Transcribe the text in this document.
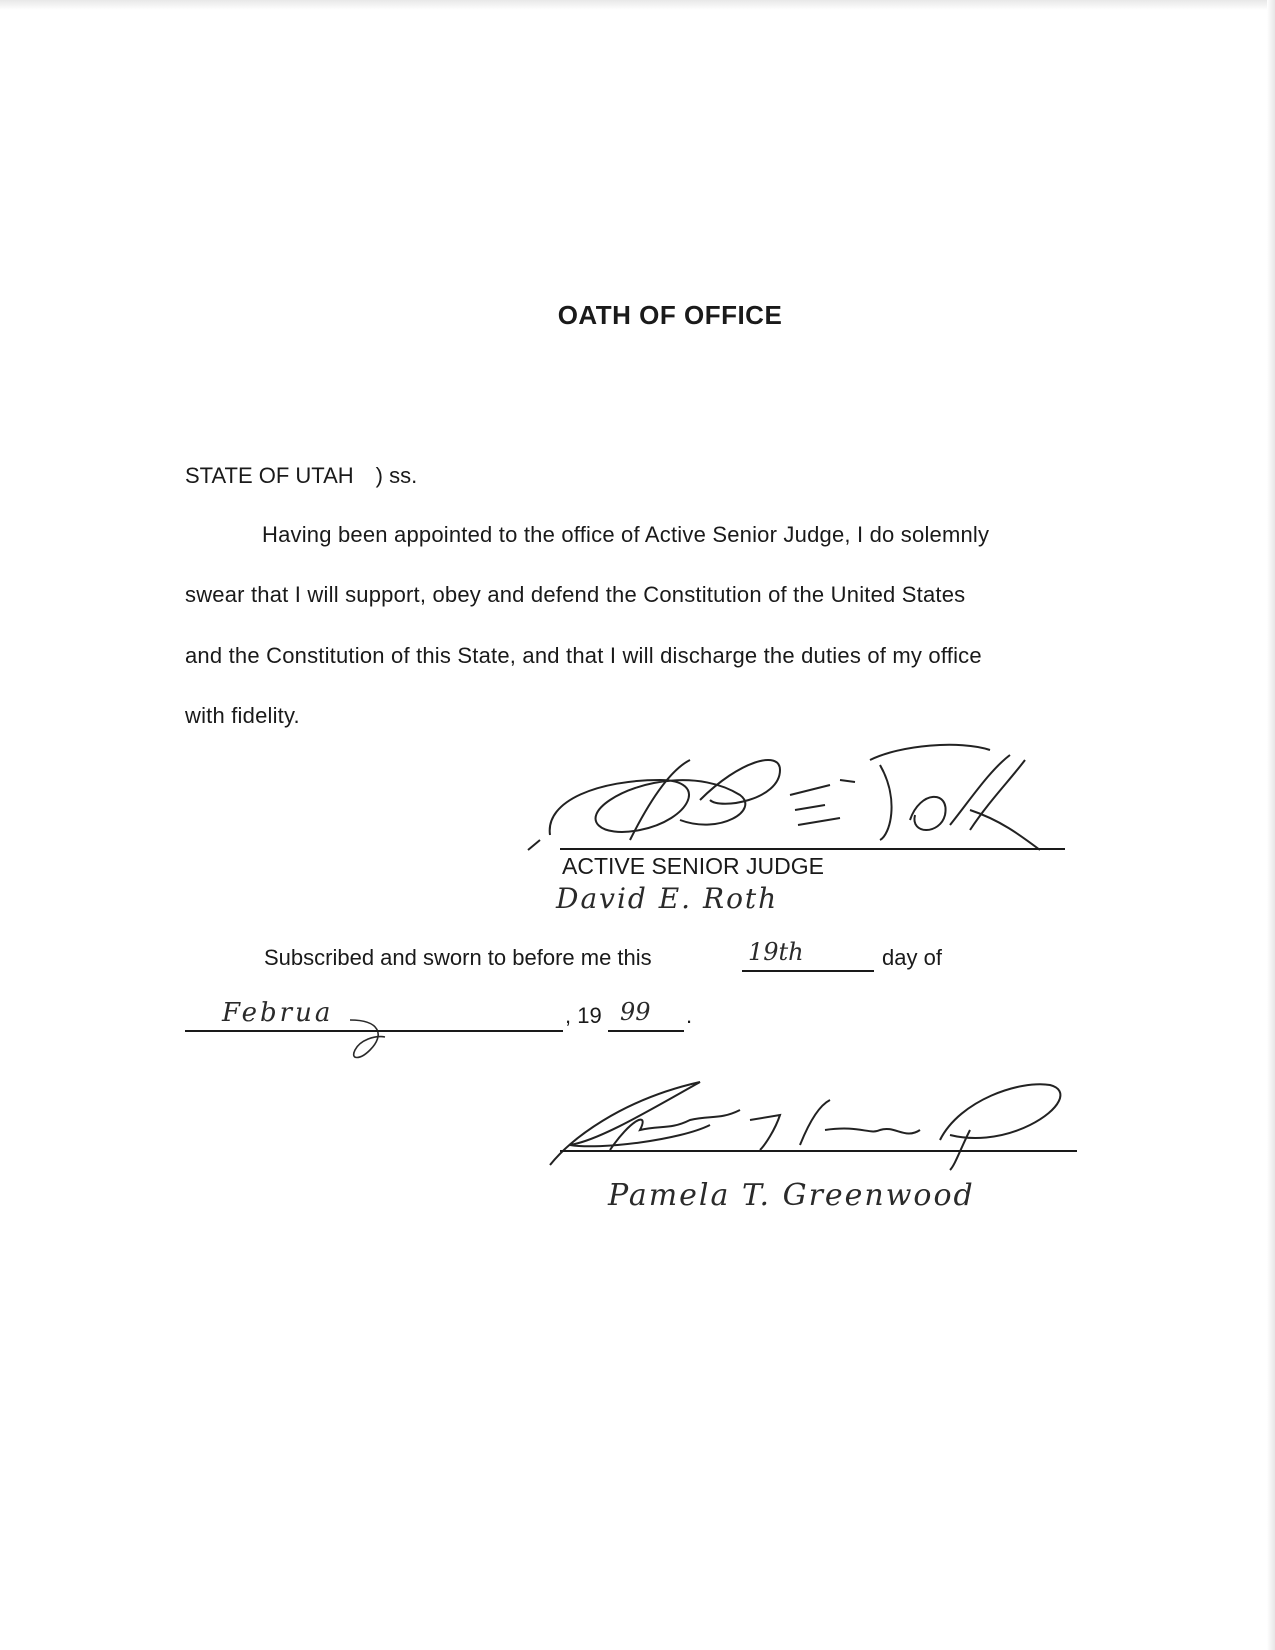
OATH OF OFFICE
STATE OF UTAH ) ss.
Having been appointed to the office of Active Senior Judge, I do solemnly
swear that I will support, obey and defend the Constitution of the United States
and the Constitution of this State, and that I will discharge the duties of my office
with fidelity.
ACTIVE SENIOR JUDGE
David E. Roth
Subscribed and sworn to before me this	19th	day of
Februa	, 19 99 .
Pamela T. Greenwood
